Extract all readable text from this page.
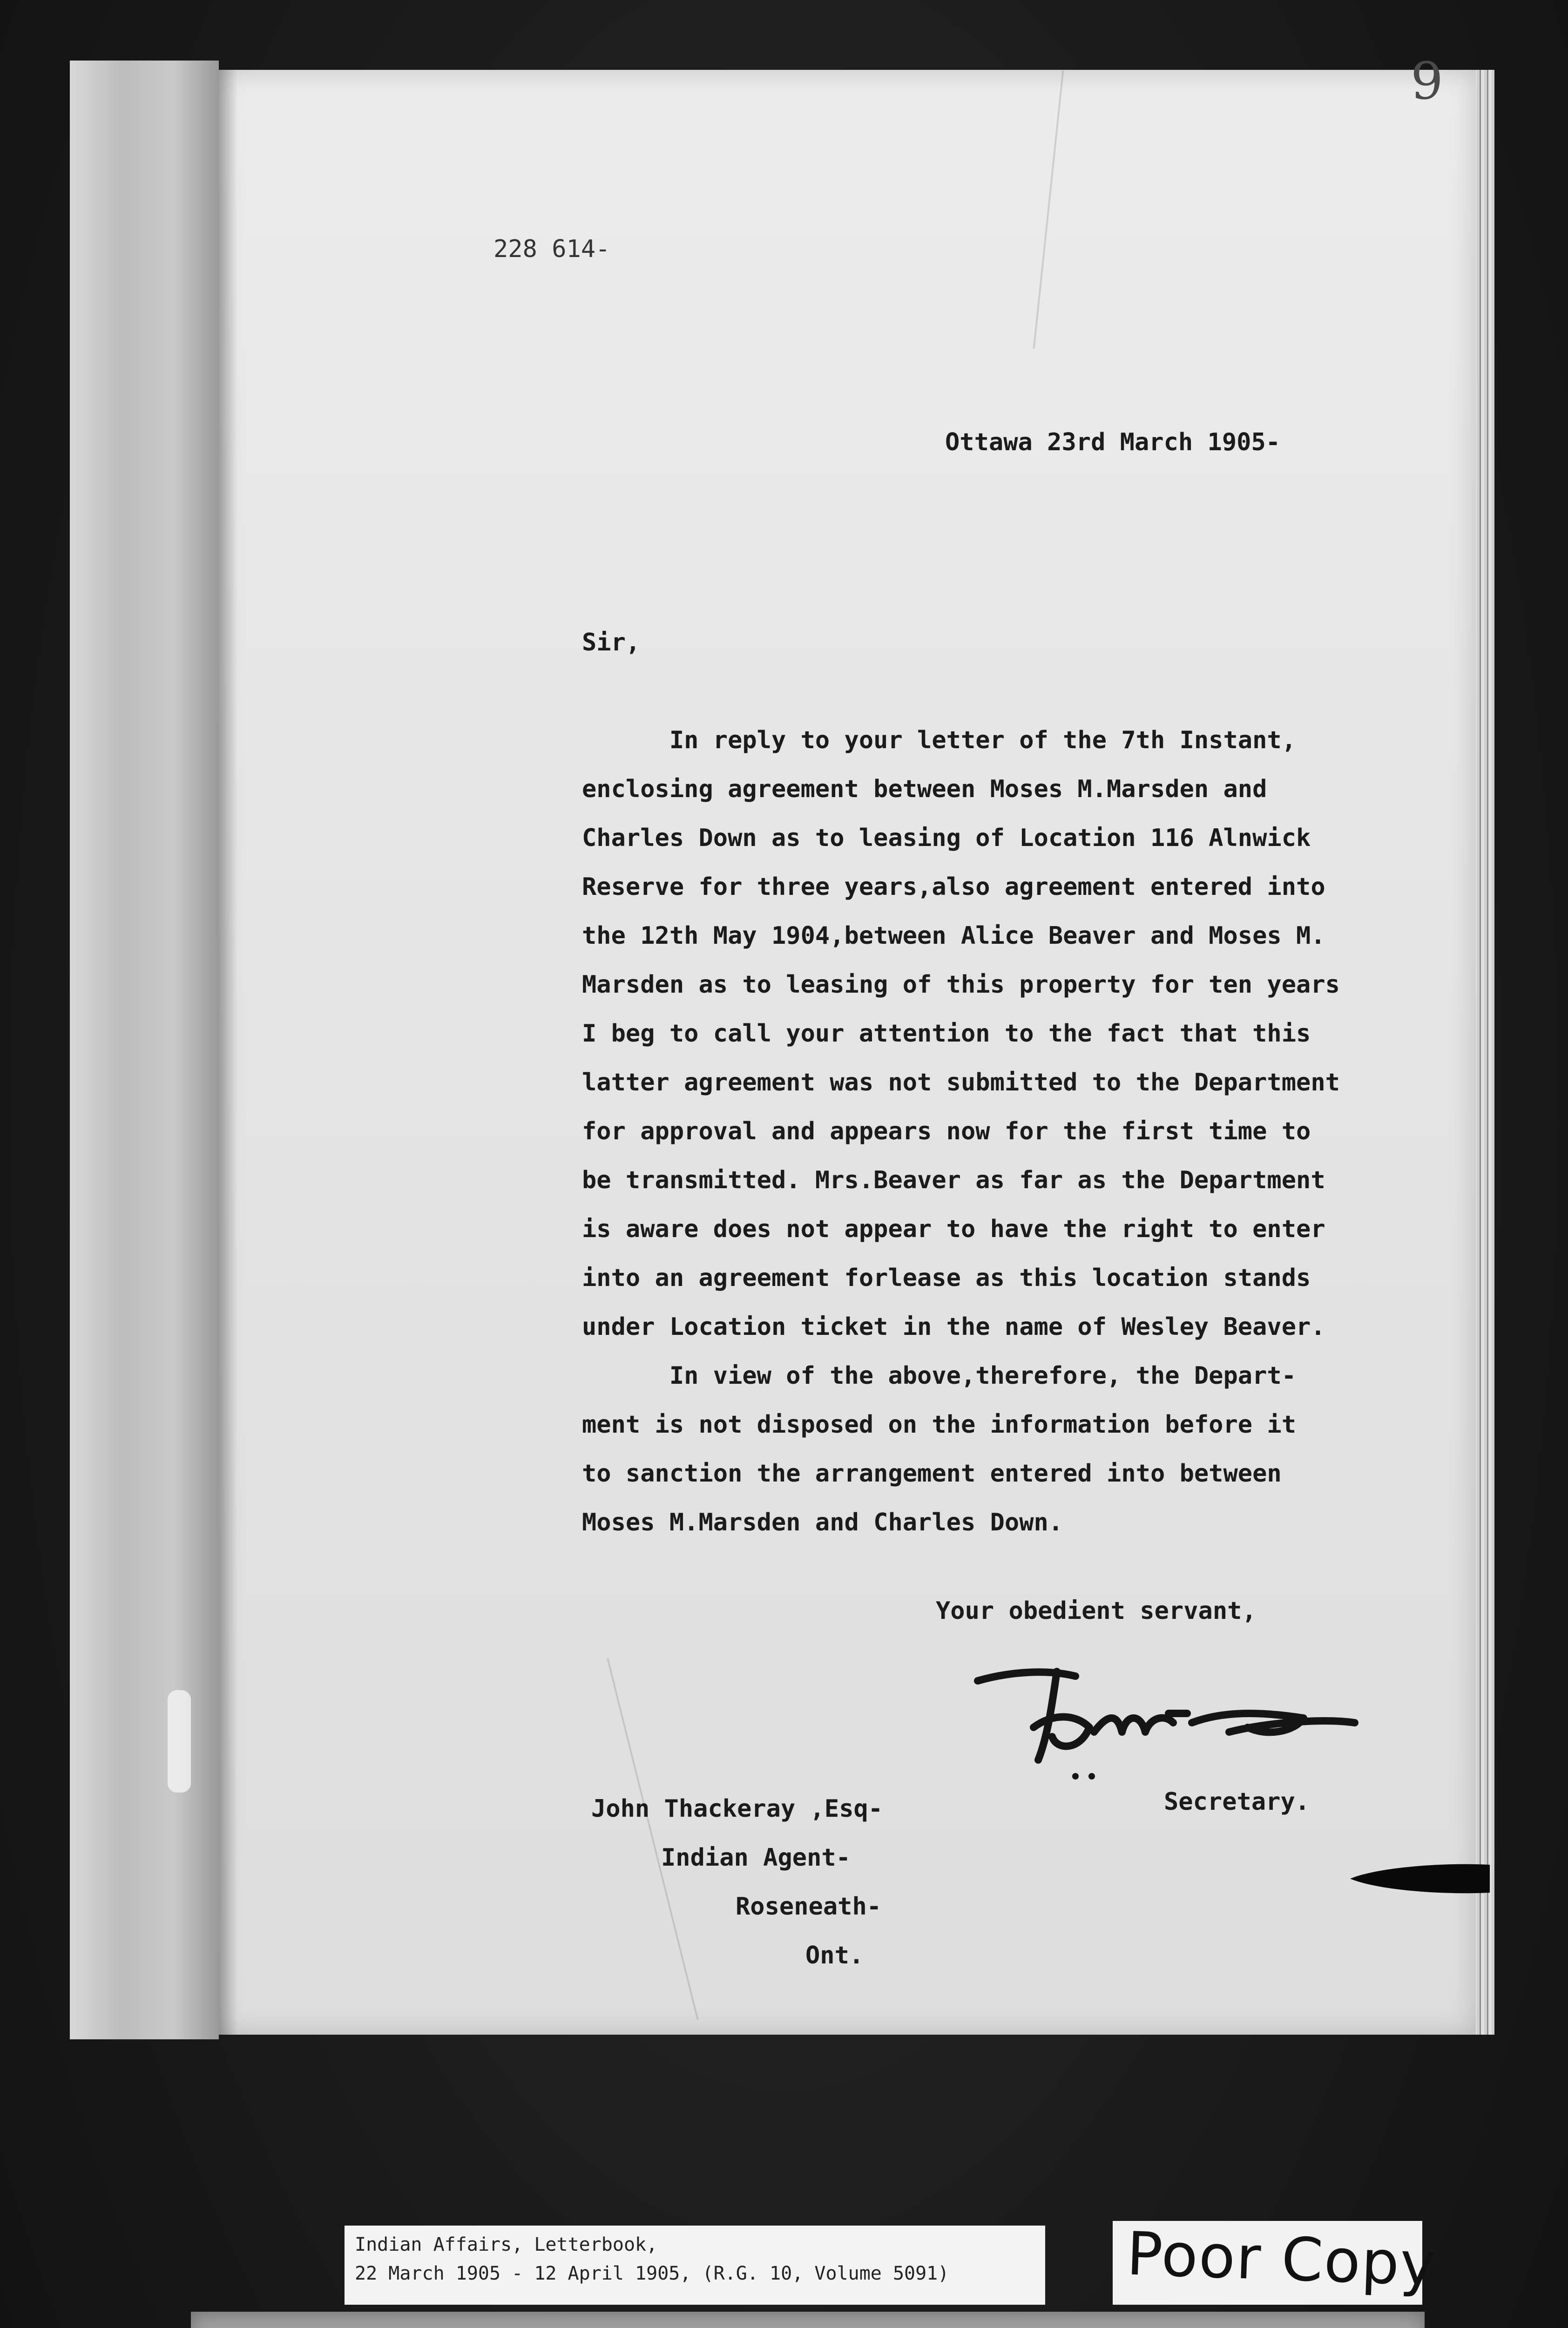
9
228 614-
Ottawa 23rd March 1905-
Sir,
In reply to your letter of the 7th Instant,
enclosing agreement between Moses M.Marsden and
Charles Down as to leasing of Location 116 Alnwick
Reserve for three years,also agreement entered into
the 12th May 1904,between Alice Beaver and Moses M.
Marsden as to leasing of this property for ten years
I beg to call your attention to the fact that this
latter agreement was not submitted to the Department
for approval and appears now for the first time to
be transmitted. Mrs.Beaver as far as the Department
is aware does not appear to have the right to enter
into an agreement forlease as this location stands
under Location ticket in the name of Wesley Beaver.
In view of the above,therefore, the Depart-
ment is not disposed on the information before it
to sanction the arrangement entered into between
Moses M.Marsden and Charles Down.
Your obedient servant,
Secretary.
John Thackeray ,Esq-
Indian Agent-
Roseneath-
Ont.
Indian Affairs, Letterbook,
22 March 1905 - 12 April 1905, (R.G. 10, Volume 5091)	Poor Copy
